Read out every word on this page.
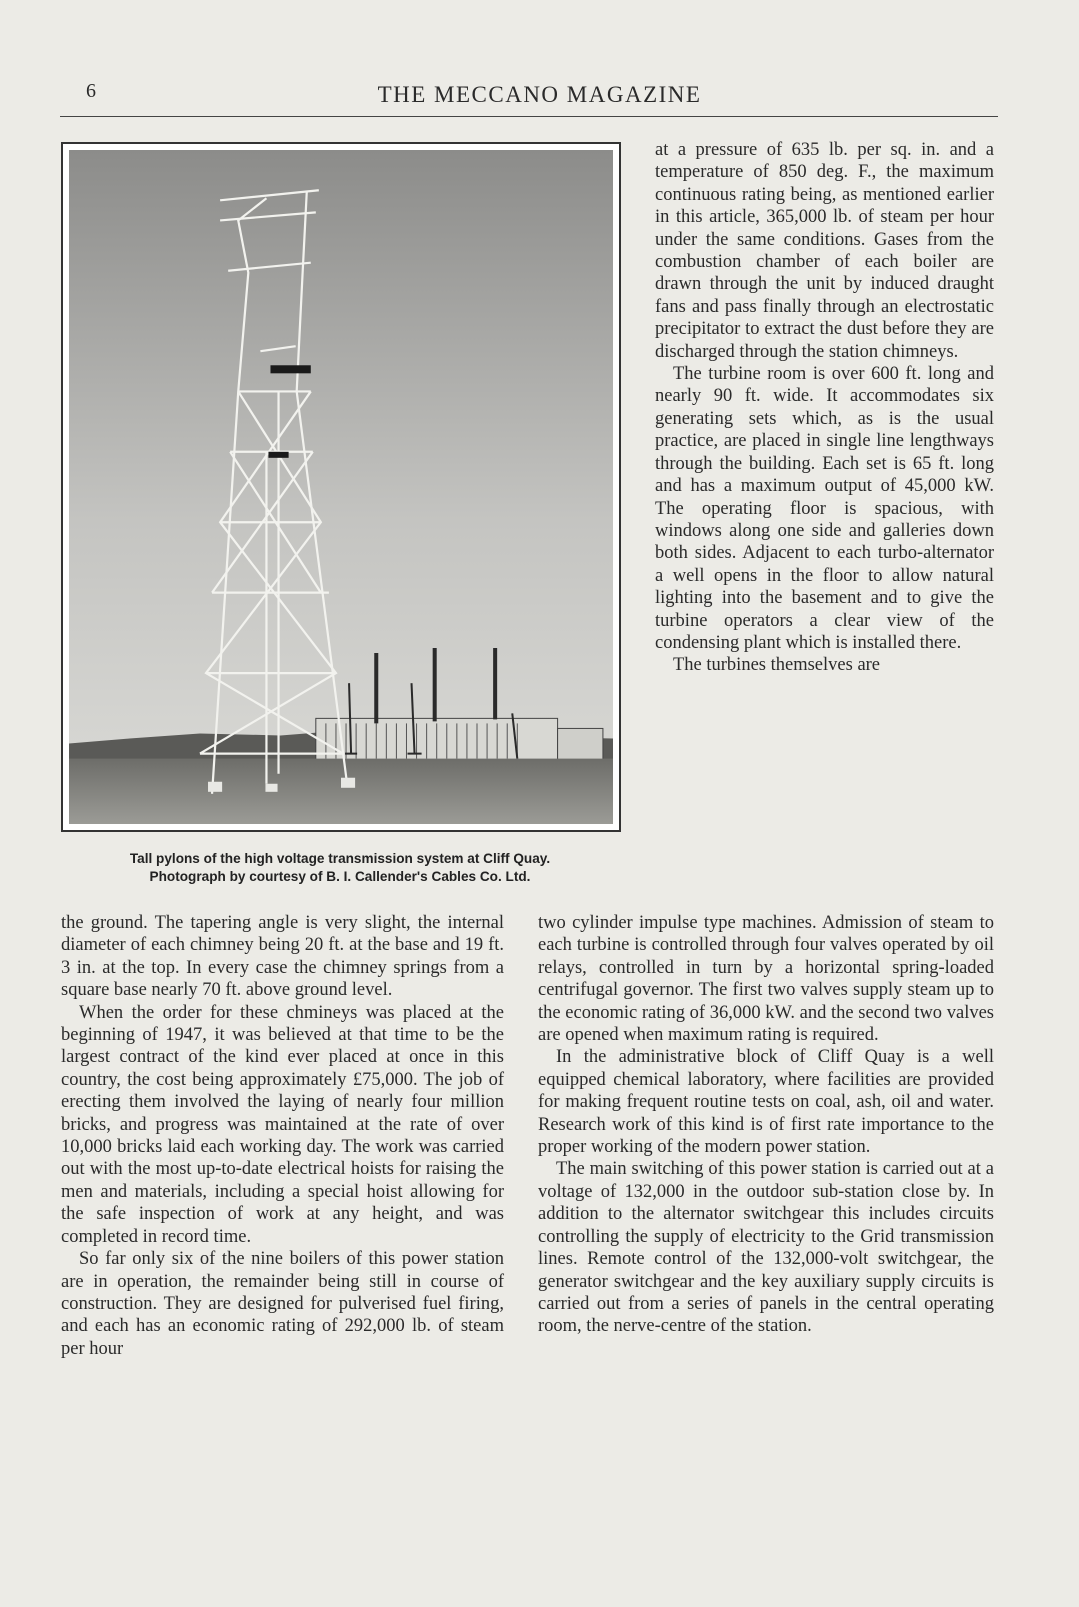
6	THE MECCANO MAGAZINE
Tall pylons of the high voltage transmission system at Cliff Quay.
Photograph by courtesy of B. I. Callender's Cables Co. Ltd.

at a pressure of 635 lb. per sq. in. and a temperature of 850 deg. F., the maximum continuous rating being, as mentioned earlier in this article, 365,000 lb. of steam per hour under the same conditions. Gases from the combustion chamber of each boiler are drawn through the unit by induced draught fans and pass finally through an electrostatic precipitator to extract the dust before they are discharged through the station chimneys.

The turbine room is over 600 ft. long and nearly 90 ft. wide. It accommodates six generating sets which, as is the usual practice, are placed in single line lengthways through the building. Each set is 65 ft. long and has a maximum output of 45,000 kW. The operating floor is spacious, with windows along one side and galleries down both sides. Adjacent to each turbo-alternator a well opens in the floor to allow natural lighting into the basement and to give the turbine operators a clear view of the condensing plant which is installed there.

The turbines themselves are

the ground. The tapering angle is very slight, the internal diameter of each chimney being 20 ft. at the base and 19 ft. 3 in. at the top. In every case the chimney springs from a square base nearly 70 ft. above ground level.

When the order for these chmineys was placed at the beginning of 1947, it was believed at that time to be the largest contract of the kind ever placed at once in this country, the cost being approximately £75,000. The job of erecting them involved the laying of nearly four million bricks, and progress was maintained at the rate of over 10,000 bricks laid each working day. The work was carried out with the most up-to-date electrical hoists for raising the men and materials, including a special hoist allowing for the safe inspection of work at any height, and was completed in record time.

So far only six of the nine boilers of this power station are in operation, the remainder being still in course of construction. They are designed for pulverised fuel firing, and each has an economic rating of 292,000 lb. of steam per hour

two cylinder impulse type machines. Admission of steam to each turbine is controlled through four valves operated by oil relays, controlled in turn by a horizontal spring-loaded centrifugal governor. The first two valves supply steam up to the economic rating of 36,000 kW. and the second two valves are opened when maximum rating is required.

In the administrative block of Cliff Quay is a well equipped chemical laboratory, where facilities are provided for making frequent routine tests on coal, ash, oil and water. Research work of this kind is of first rate importance to the proper working of the modern power station.

The main switching of this power station is carried out at a voltage of 132,000 in the outdoor sub-station close by. In addition to the alternator switchgear this includes circuits controlling the supply of electricity to the Grid transmission lines. Remote control of the 132,000-volt switchgear, the generator switchgear and the key auxiliary supply circuits is carried out from a series of panels in the central operating room, the nerve-centre of the station.
